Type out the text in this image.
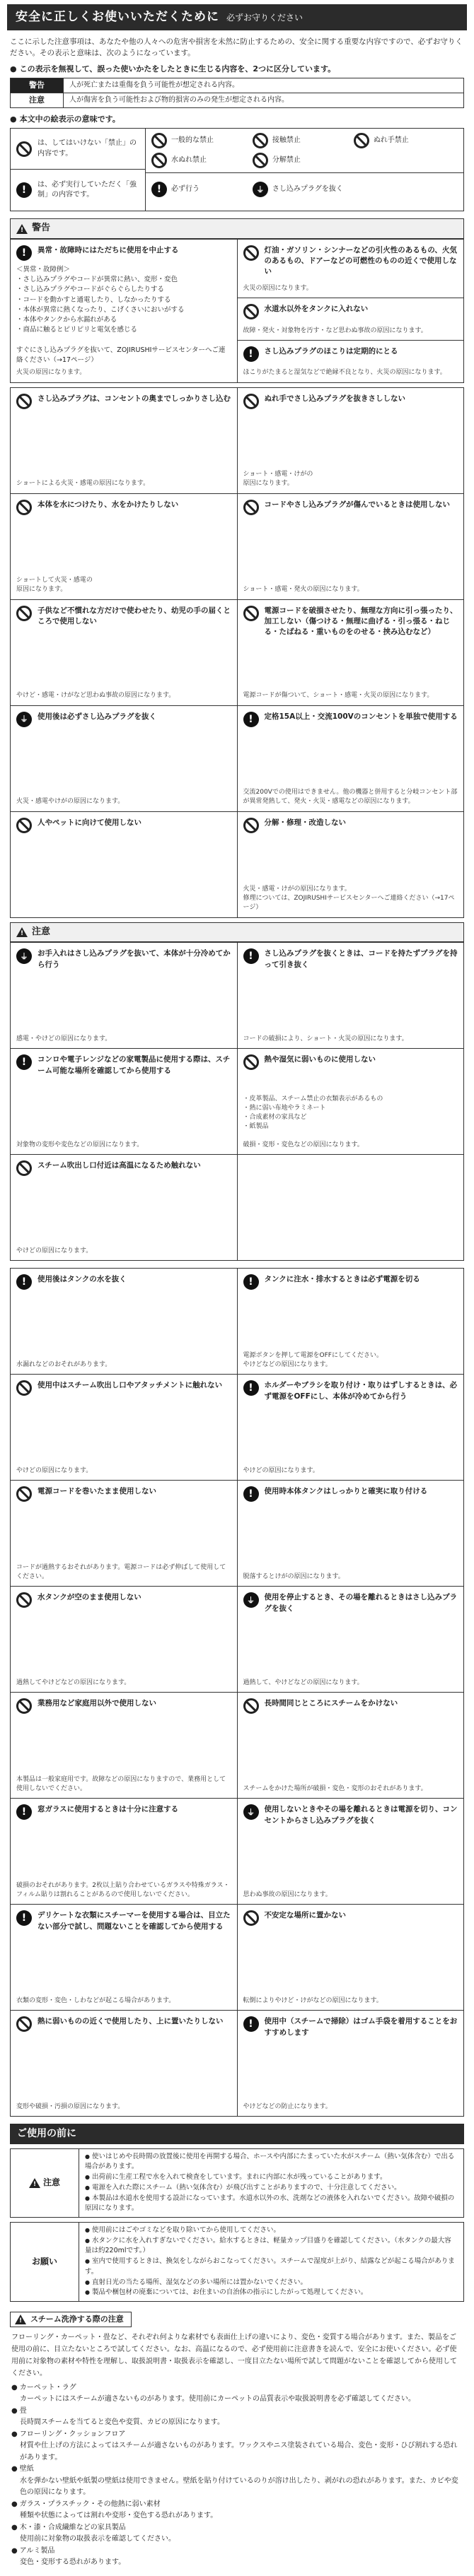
安全に正しくお使いいただくために 必ずお守りください
ここに示した注意事項は、あなたや他の人々への危害や損害を未然に防止するための、安全に関する重要な内容ですので、必ずお守りください。その表示と意味は、次のようになっています。
● この表示を無視して、誤った使いかたをしたときに生じる内容を、2つに区分しています。
警告	人が死亡または重傷を負う可能性が想定される内容。
注意	人が傷害を負う可能性および物的損害のみの発生が想定される内容。
● 本文中の絵表示の意味です。
は、してはいけない「禁止」の内容です。
!	は、必ず実行していただく「強制」の内容です。
一般的な禁止	接触禁止	ぬれ手禁止
水ぬれ禁止	分解禁止
!	必ず行う	⏚	さし込みプラグを抜く
!
警告
!	異常・故障時にはただちに使用を中止する
＜異常・故障例＞
・さし込みプラグやコードが異常に熱い、変形・変色
・さし込みプラグやコードがぐらぐらしたりする
・コードを動かすと通電したり、しなかったりする
・本体が異常に熱くなったり、こげくさいにおいがする
・本体やタンクから水漏れがある
・商品に触るとピリピリと電気を感じる

すぐにさし込みプラグを抜いて、ZOJIRUSHIサービスセンターへご連絡ください（→17ページ）
火災の原因になります。
灯油・ガソリン・シンナーなどの引火性のあるもの、火気のあるもの、ドアーなどの可燃性のものの近くで使用しない
火災の原因になります。
水道水以外をタンクに入れない
故障・発火・対象物を汚す・など思わぬ事故の原因になります。
!	さし込みプラグのほこりは定期的にとる
ほこりがたまると湿気などで絶縁不良となり、火災の原因になります。
さし込みプラグは、コンセントの奥までしっかりさし込む
ショートによる火災・感電の原因になります。
ぬれ手でさし込みプラグを抜きさししない
ショート・感電・けがの
原因になります。
本体を水につけたり、水をかけたりしない
ショートして火災・感電の
原因になります。
コードやさし込みプラグが傷んでいるときは使用しない
ショート・感電・発火の原因になります。
子供など不慣れな方だけで使わせたり、幼児の手の届くところで使用しない
やけど・感電・けがなど思わぬ事故の原因になります。
電源コードを破損させたり、無理な方向に引っ張ったり、加工しない（傷つける・無理に曲げる・引っ張る・ねじる・たばねる・重いものをのせる・挟み込むなど）
電源コードが傷ついて、ショート・感電・火災の原因になります。
⏚	使用後は必ずさし込みプラグを抜く
火災・感電やけがの原因になります。
!	定格15A以上・交流100Vのコンセントを単独で使用する
交流200Vでの使用はできません。他の機器と併用すると分岐コンセント部が異常発熱して、発火・火災・感電などの原因になります。
人やペットに向けて使用しない	分解・修理・改造しない
火災・感電・けがの原因になります。
修理については、ZOJIRUSHIサービスセンターへご連絡ください（→17ページ）
!
注意
⏚	お手入れはさし込みプラグを抜いて、本体が十分冷めてから行う
感電・やけどの原因になります。
!	さし込みプラグを抜くときは、コードを持たずプラグを持って引き抜く
コードの破損により、ショート・火災の原因になります。
!	コンロや電子レンジなどの家電製品に使用する際は、スチーム可能な場所を確認してから使用する
対象物の変形や変色などの原因になります。
熱や湿気に弱いものに使用しない
・皮革製品、スチーム禁止の衣類表示があるもの
・熱に弱い布地やラミネート
・合成素材の家具など
・紙製品

破損・変形・変色などの原因になります。
スチーム吹出し口付近は高温になるため触れない
やけどの原因になります。
!	使用後はタンクの水を抜く
水漏れなどのおそれがあります。
!	タンクに注水・排水するときは必ず電源を切る
電源ボタンを押して電源をOFFにしてください。
やけどなどの原因になります。
使用中はスチーム吹出し口やアタッチメントに触れない
やけどの原因になります。
!	ホルダーやブラシを取り付け・取りはずしするときは、必ず電源をOFFにし、本体が冷めてから行う
やけどの原因になります。
電源コードを巻いたまま使用しない
コードが過熱するおそれがあります。電源コードは必ず伸ばして使用してください。
!	使用時本体タンクはしっかりと確実に取り付ける
脱落するとけがの原因になります。
水タンクが空のまま使用しない
過熱してやけどなどの原因になります。
⏚	使用を停止するとき、その場を離れるときはさし込みプラグを抜く
過熱して、やけどなどの原因になります。
業務用など家庭用以外で使用しない
本製品は一般家庭用です。故障などの原因になりますので、業務用として使用しないでください。
長時間同じところにスチームをかけない
スチームをかけた場所が破損・変色・変形のおそれがあります。
!	窓ガラスに使用するときは十分に注意する
破損のおそれがあります。2枚以上貼り合わせているガラスや特殊ガラス・フィルム貼りは割れることがあるので使用しないでください。
⏚	使用しないときやその場を離れるときは電源を切り、コンセントからさし込みプラグを抜く
思わぬ事故の原因になります。
!	デリケートな衣類にスチーマーを使用する場合は、目立たない部分で試し、問題ないことを確認してから使用する
衣類の変形・変色・しわなどが起こる場合があります。
不安定な場所に置かない
転倒によりやけど・けがなどの原因になります。
熱に弱いものの近くで使用したり、上に置いたりしない
変形や破損・汚損の原因になります。
!	使用中（スチームで掃除）はゴム手袋を着用することをおすすめします
やけどなどの防止になります。
ご使用の前に
!
注意
● 使いはじめや長時間の放置後に使用を再開する場合、ホースや内部にたまっていた水がスチーム（熱い気体含む）で出る場合があります。
● 出荷前に生産工程で水を入れて検査をしています。まれに内部に水が残っていることがあります。
● 電源を入れた際にスチーム（熱い気体含む）が飛び出すことがありますので、十分注意してください。
● 本製品は水道水を使用する設計になっています。水道水以外の水、洗剤などの液体を入れないでください。故障や破損の原因になります。
お願い
● 使用前にはごやゴミなどを取り除いてから使用してください。
● 水タンクに水を入れすぎないでください。給水するときは、軽量カップ目盛りを確認してください。（水タンクの最大容量は約220mlです。）
● 室内で使用するときは、換気をしながらおこなってください。スチームで湿度が上がり、結露などが起こる場合があります。
● 直射日光の当たる場所、湿気などの多い場所には置かないでください。
● 製品や梱包材の廃棄については、お住まいの自治体の指示にしたがって処理してください。
!
スチーム洗浄する際の注意
フローリング・カーペット・畳など、それぞれ何よりな素材でも表面仕上げの違いにより、変色・変質する場合があります。また、製品をご使用の前に、目立たないところで試してください。なお、高温になるので、必ず使用前に注意書きを読んで、安全にお使いください。必ず使用前に対象物の素材や特性を理解し、取扱説明書・取扱表示を確認し、一度目立たない場所で試して問題がないことを確認してから使用してください。
● カーペット・ラグ
カーペットにはスチームが適さないものがあります。使用前にカーペットの品質表示や取扱説明書を必ず確認してください。
● 畳
長時間スチームを当てると変色や変質、カビの原因になります。
● フローリング・クッションフロア
材質や仕上げの方法によってはスチームが適さないものがあります。ワックスやニス塗装されている場合、変色・変形・ひび割れする恐れがあります。
● 壁紙
水を弾かない壁紙や紙製の壁紙は使用できません。壁紙を貼り付けているのりが溶け出したり、剥がれの恐れがあります。また、カビや変色の原因になります。
● ガラス・プラスチック・その他熱に弱い素材
種類や状態によっては割れや変形・変色する恐れがあります。
● 木・漆・合成繊維などの家具製品
使用前に対象物の取扱表示を確認してください。
● アルミ製品
変色・変形する恐れがあります。
